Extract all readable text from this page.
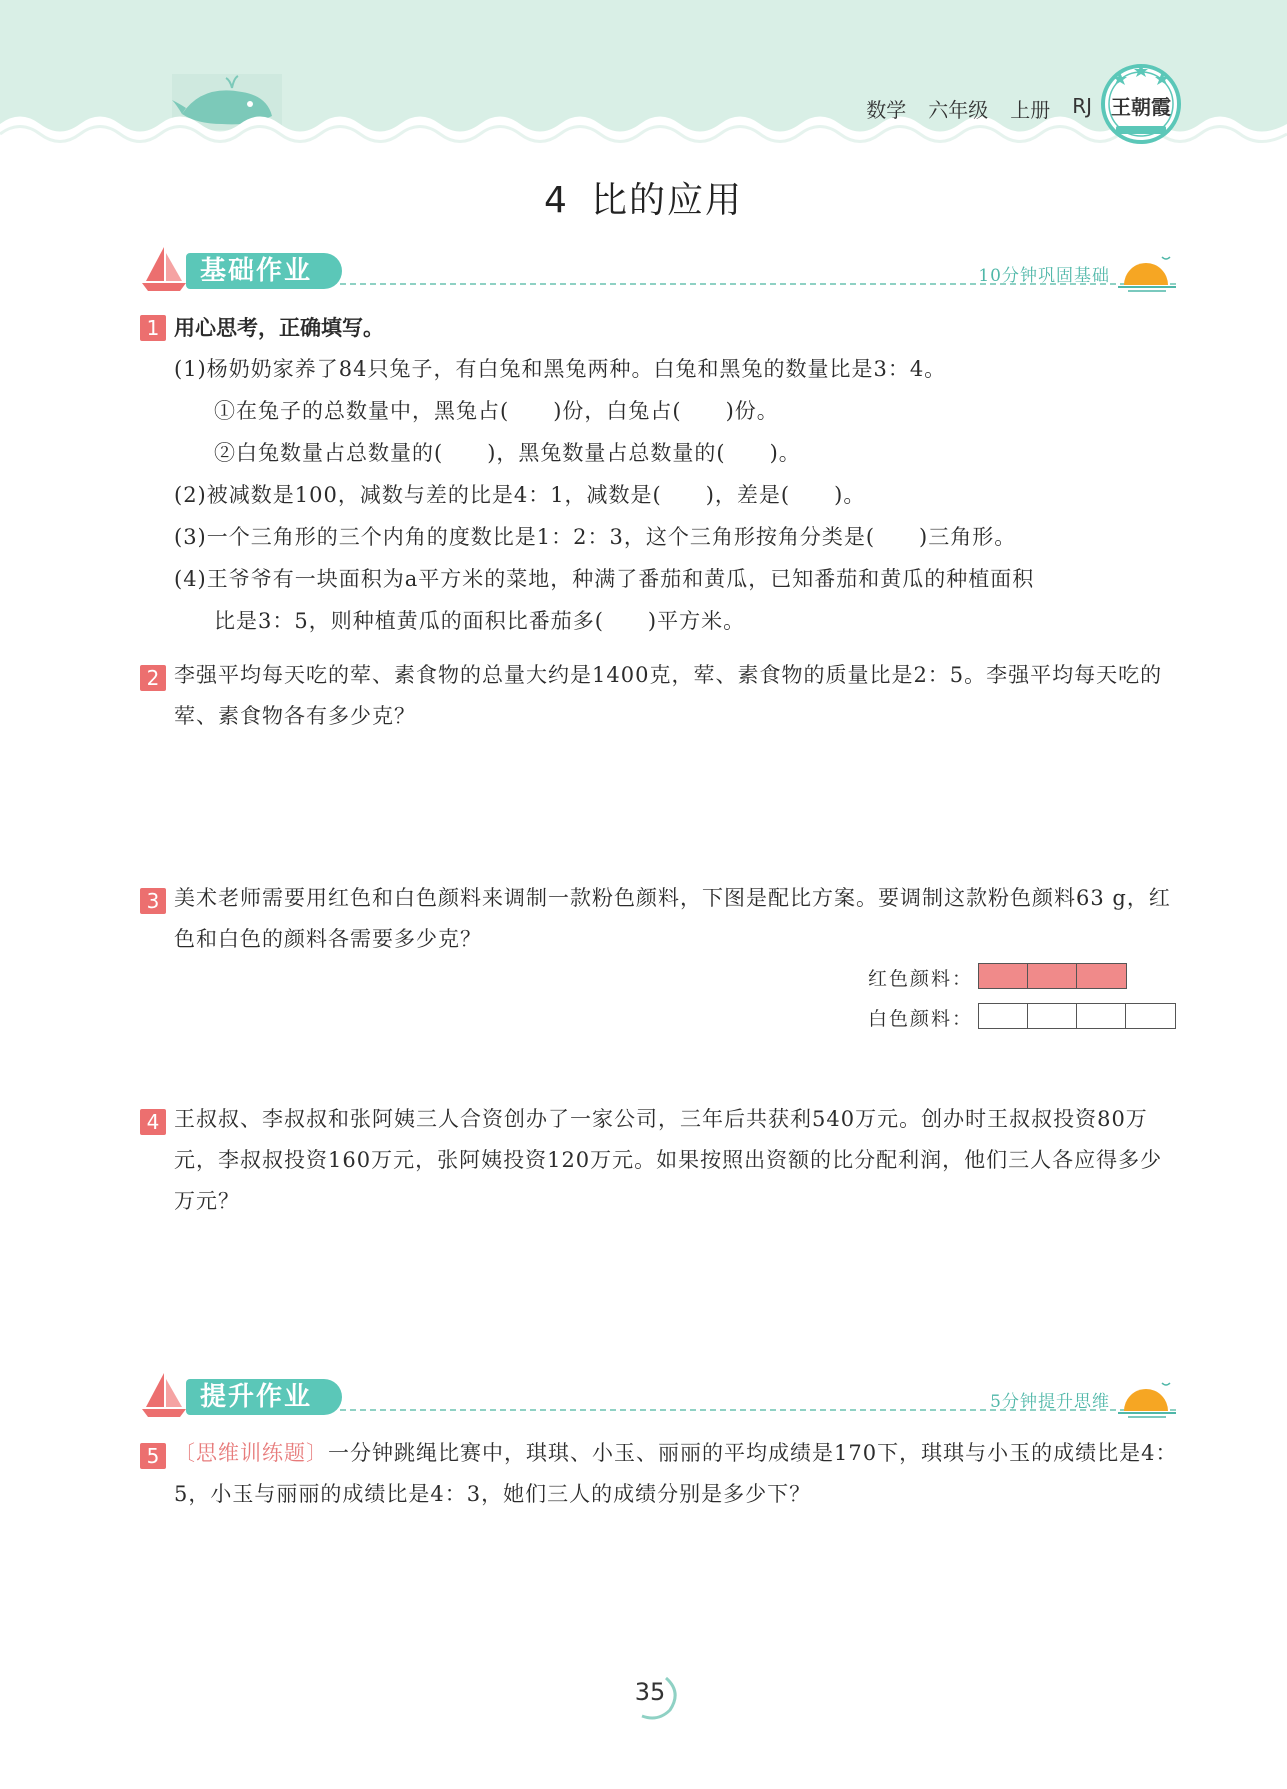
数学 六年级 上册 RJ 王朝霞
4 比的应用
基础作业	10分钟巩固基础
1 用心思考，正确填写。
(1)杨奶奶家养了84只兔子，有白兔和黑兔两种。白兔和黑兔的数量比是3：4。
①在兔子的总数量中，黑兔占(　　)份，白兔占(　　)份。
②白兔数量占总数量的(　　)，黑兔数量占总数量的(　　)。
(2)被减数是100，减数与差的比是4：1，减数是(　　)，差是(　　)。
(3)一个三角形的三个内角的度数比是1：2：3，这个三角形按角分类是(　　)三角形。
(4)王爷爷有一块面积为a平方米的菜地，种满了番茄和黄瓜，已知番茄和黄瓜的种植面积
比是3：5，则种植黄瓜的面积比番茄多(　　)平方米。
2 李强平均每天吃的荤、素食物的总量大约是1400克，荤、素食物的质量比是2：5。李强平均每天吃的荤、素食物各有多少克？
3 美术老师需要用红色和白色颜料来调制一款粉色颜料，下图是配比方案。要调制这款粉色颜料63 g，红色和白色的颜料各需要多少克？
红色颜料：
白色颜料：
4 王叔叔、李叔叔和张阿姨三人合资创办了一家公司，三年后共获利540万元。创办时王叔叔投资80万元，李叔叔投资160万元，张阿姨投资120万元。如果按照出资额的比分配利润，他们三人各应得多少万元？
提升作业	5分钟提升思维
5 〔思维训练题〕一分钟跳绳比赛中，琪琪、小玉、丽丽的平均成绩是170下，琪琪与小玉的成绩比是4：5，小玉与丽丽的成绩比是4：3，她们三人的成绩分别是多少下？
35
